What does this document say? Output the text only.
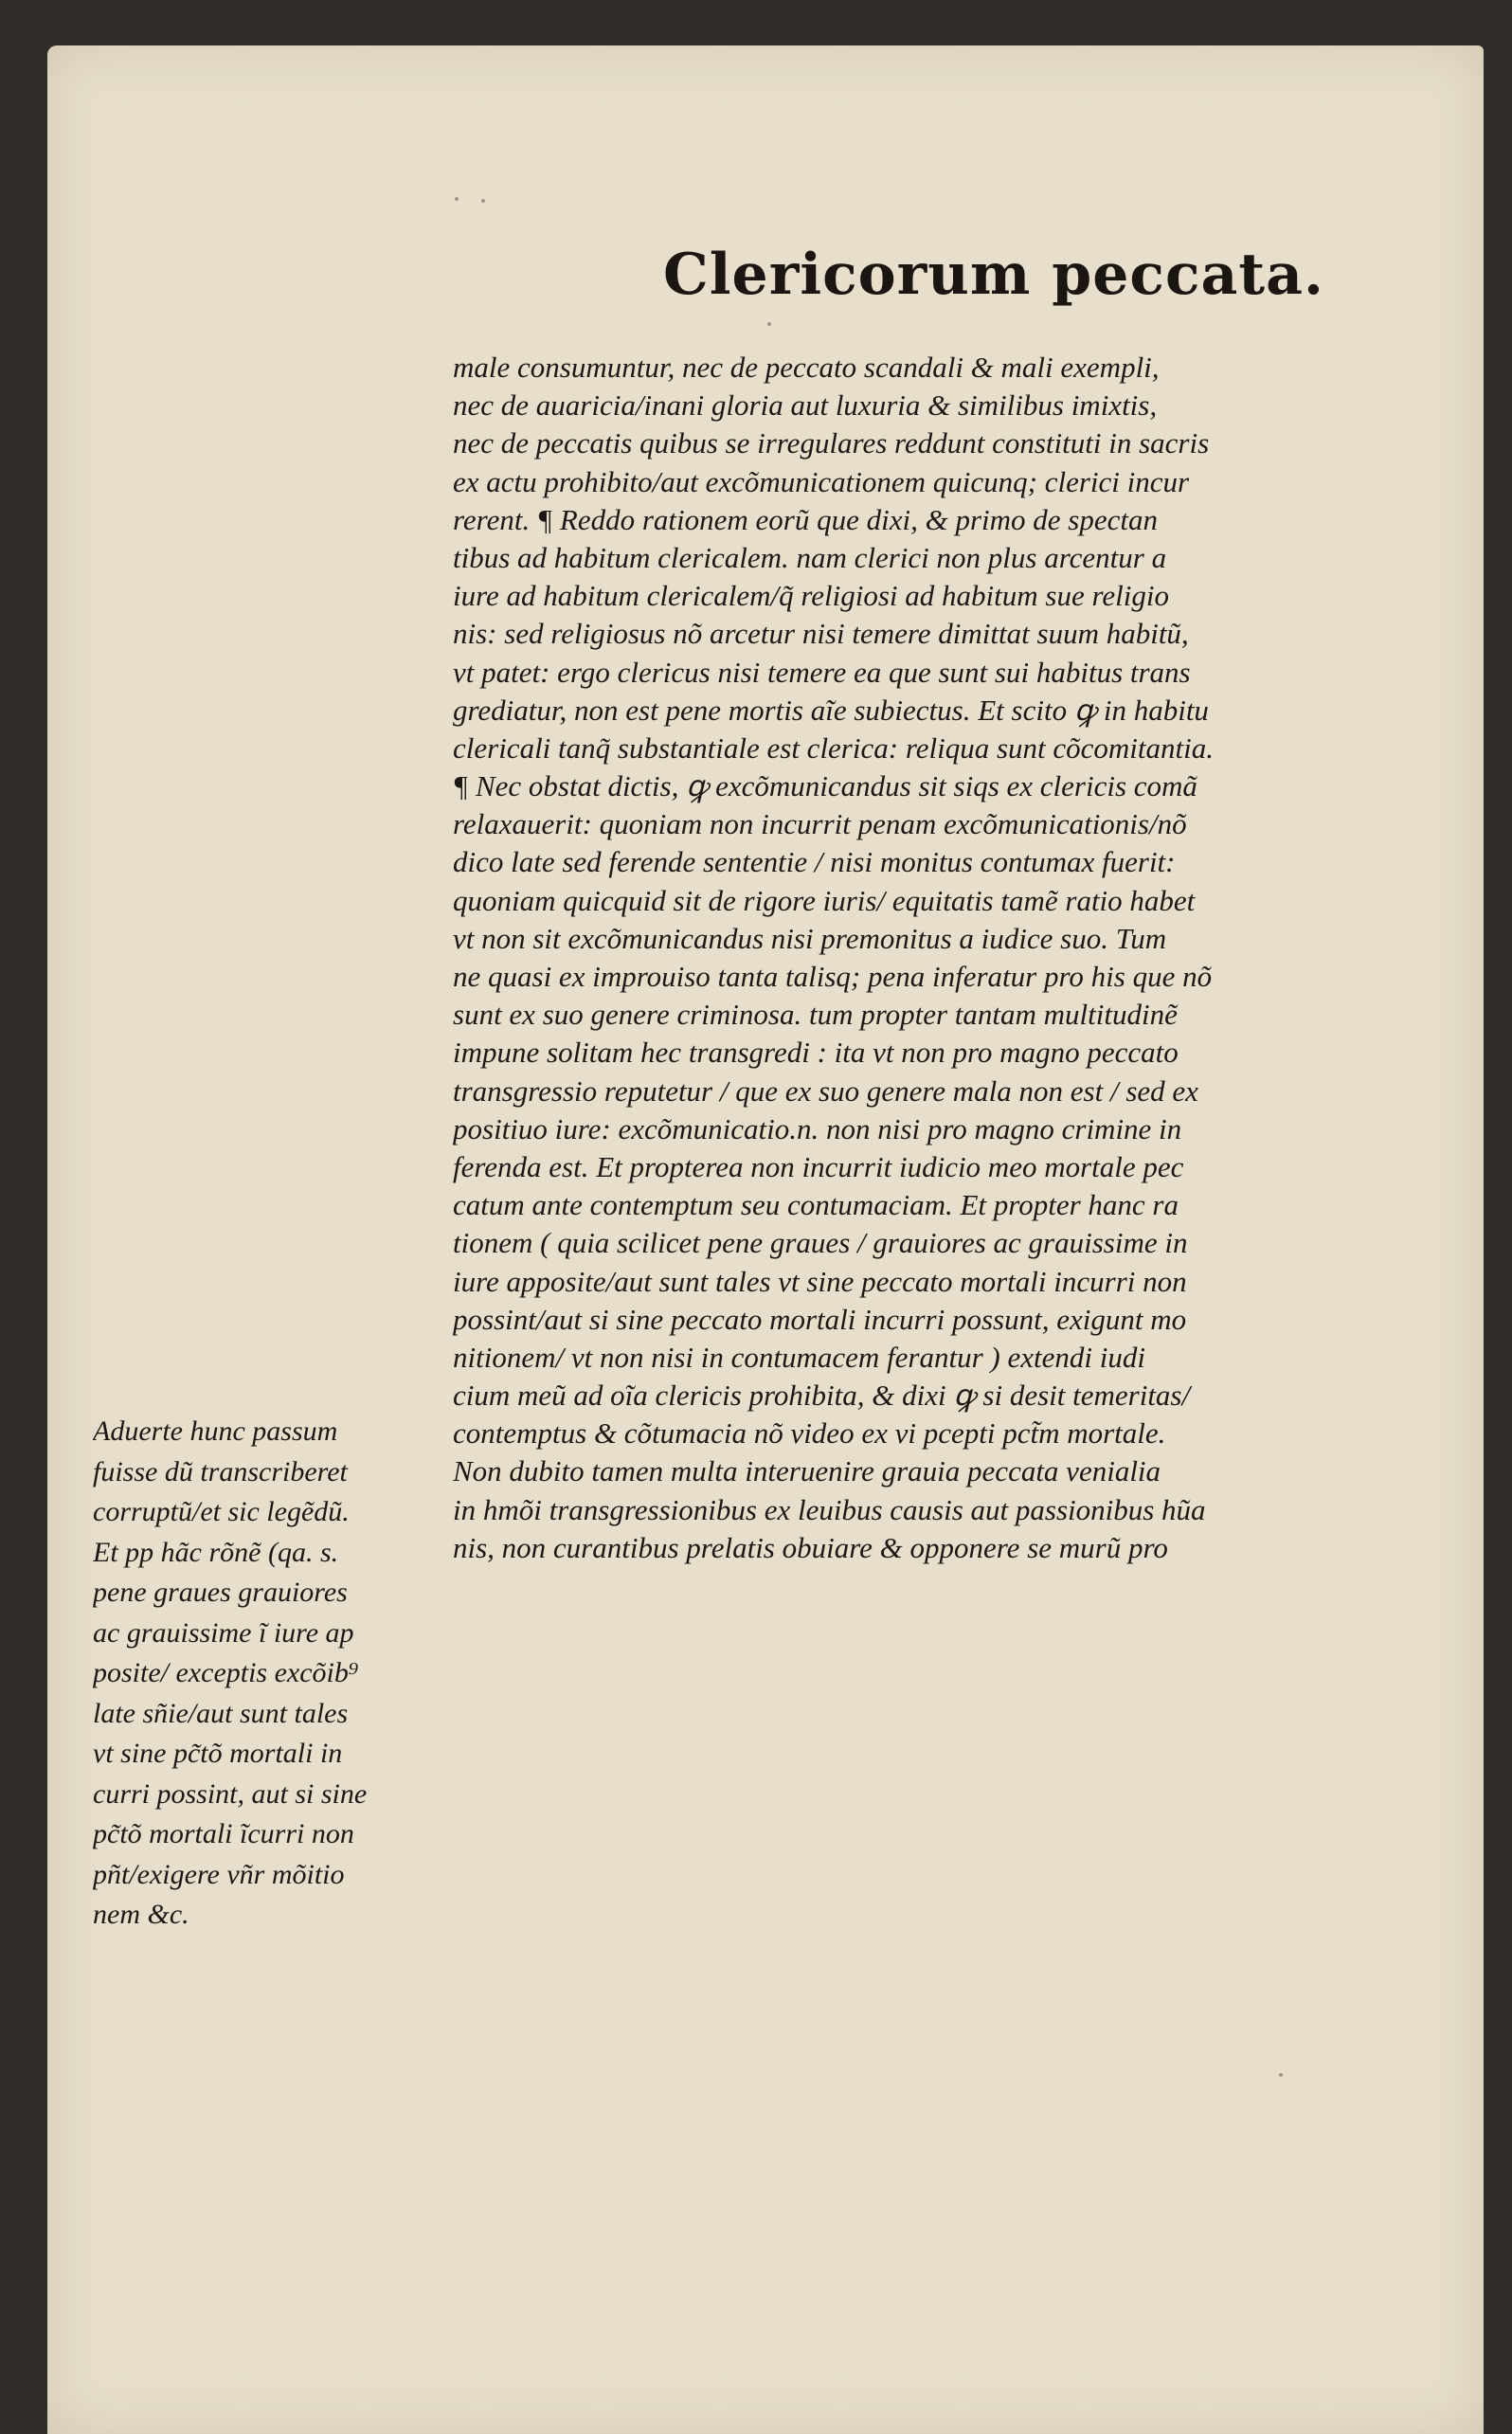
Clericorum peccata.
male consumuntur, nec de peccato scandali & mali exempli,
nec de auaricia/inani gloria aut luxuria & similibus imixtis,
nec de peccatis quibus se irregulares reddunt constituti in sacris
ex actu prohibito/aut excõmunicationem quicunq; clerici incur
rerent. ¶ Reddo rationem eorũ que dixi, & primo de spectan
tibus ad habitum clericalem. nam clerici non plus arcentur a
iure ad habitum clericalem/q̃ religiosi ad habitum sue religio
nis: sed religiosus nõ arcetur nisi temere dimittat suum habitũ,
vt patet: ergo clericus nisi temere ea que sunt sui habitus trans
grediatur, non est pene mortis aĩe subiectus. Et scito ꝙ in habitu
clericali tanq̃ substantiale est clerica: reliqua sunt cõcomitantia.
¶ Nec obstat dictis, ꝙ excõmunicandus sit siqs ex clericis comã
relaxauerit: quoniam non incurrit penam excõmunicationis/nõ
dico late sed ferende sententie / nisi monitus contumax fuerit:
quoniam quicquid sit de rigore iuris/ equitatis tamẽ ratio habet
vt non sit excõmunicandus nisi premonitus a iudice suo. Tum
ne quasi ex improuiso tanta talisq; pena inferatur pro his que nõ
sunt ex suo genere criminosa. tum propter tantam multitudinẽ
impune solitam hec transgredi : ita vt non pro magno peccato
transgressio reputetur / que ex suo genere mala non est / sed ex
positiuo iure: excõmunicatio.n. non nisi pro magno crimine in
ferenda est. Et propterea non incurrit iudicio meo mortale pec
catum ante contemptum seu contumaciam. Et propter hanc ra
tionem ( quia scilicet pene graues / grauiores ac grauissime in
iure apposite/aut sunt tales vt sine peccato mortali incurri non
possint/aut si sine peccato mortali incurri possunt, exigunt mo
nitionem/ vt non nisi in contumacem ferantur ) extendi iudi
cium meũ ad oĩa clericis prohibita, & dixi ꝙ si desit temeritas/
contemptus & cõtumacia nõ video ex vi pcepti pct̃m mortale.
Non dubito tamen multa interuenire grauia peccata venialia
in hmõi transgressionibus ex leuibus causis aut passionibus hũa
nis, non curantibus prelatis obuiare & opponere se murũ pro
Aduerte hunc passum
fuisse dũ transcriberet
corruptũ/et sic legẽdũ.
Et pp hãc rõnẽ (qa. s.
pene graues grauiores
ac grauissime ĩ iure ap
posite/ exceptis excõib⁹
late sñie/aut sunt tales
vt sine pc̃tõ mortali in
curri possint, aut si sine
pc̃tõ mortali ĩcurri non
pñt/exigere vñr mõitio
nem &c.
